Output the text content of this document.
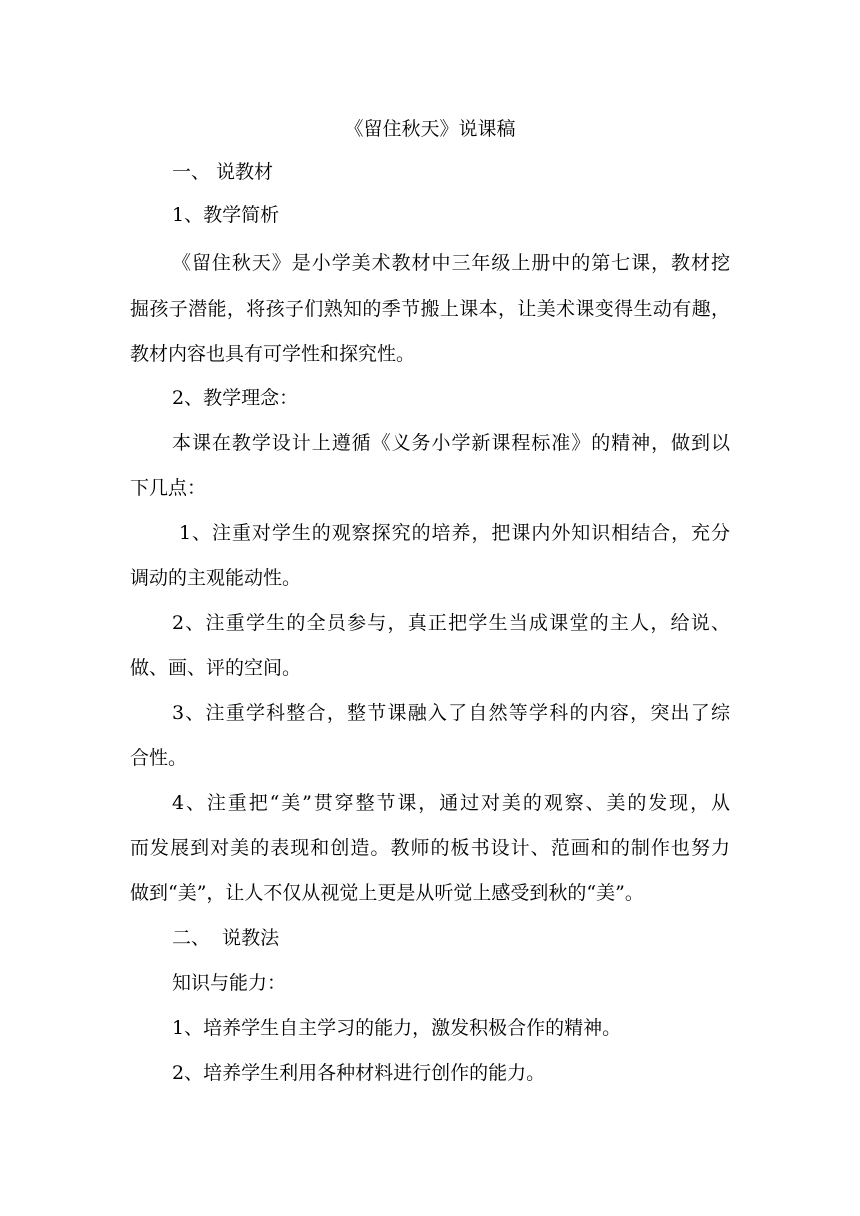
《留住秋天》说课稿
一、 说教材
1、教学简析
《留住秋天》是小学美术教材中三年级上册中的第七课，教材挖
掘孩子潜能，将孩子们熟知的季节搬上课本，让美术课变得生动有趣，
教材内容也具有可学性和探究性。
2、教学理念：
本课在教学设计上遵循《义务小学新课程标准》的精神，做到以
下几点：
1、注重对学生的观察探究的培养，把课内外知识相结合，充分
调动的主观能动性。
2、注重学生的全员参与，真正把学生当成课堂的主人，给说、
做、画、评的空间。
3、注重学科整合，整节课融入了自然等学科的内容，突出了综
合性。
4、注重把“美”贯穿整节课，通过对美的观察、美的发现，从
而发展到对美的表现和创造。教师的板书设计、范画和的制作也努力
做到“美”，让人不仅从视觉上更是从听觉上感受到秋的“美”。
二、  说教法
知识与能力：
1、培养学生自主学习的能力，激发积极合作的精神。
2、培养学生利用各种材料进行创作的能力。
